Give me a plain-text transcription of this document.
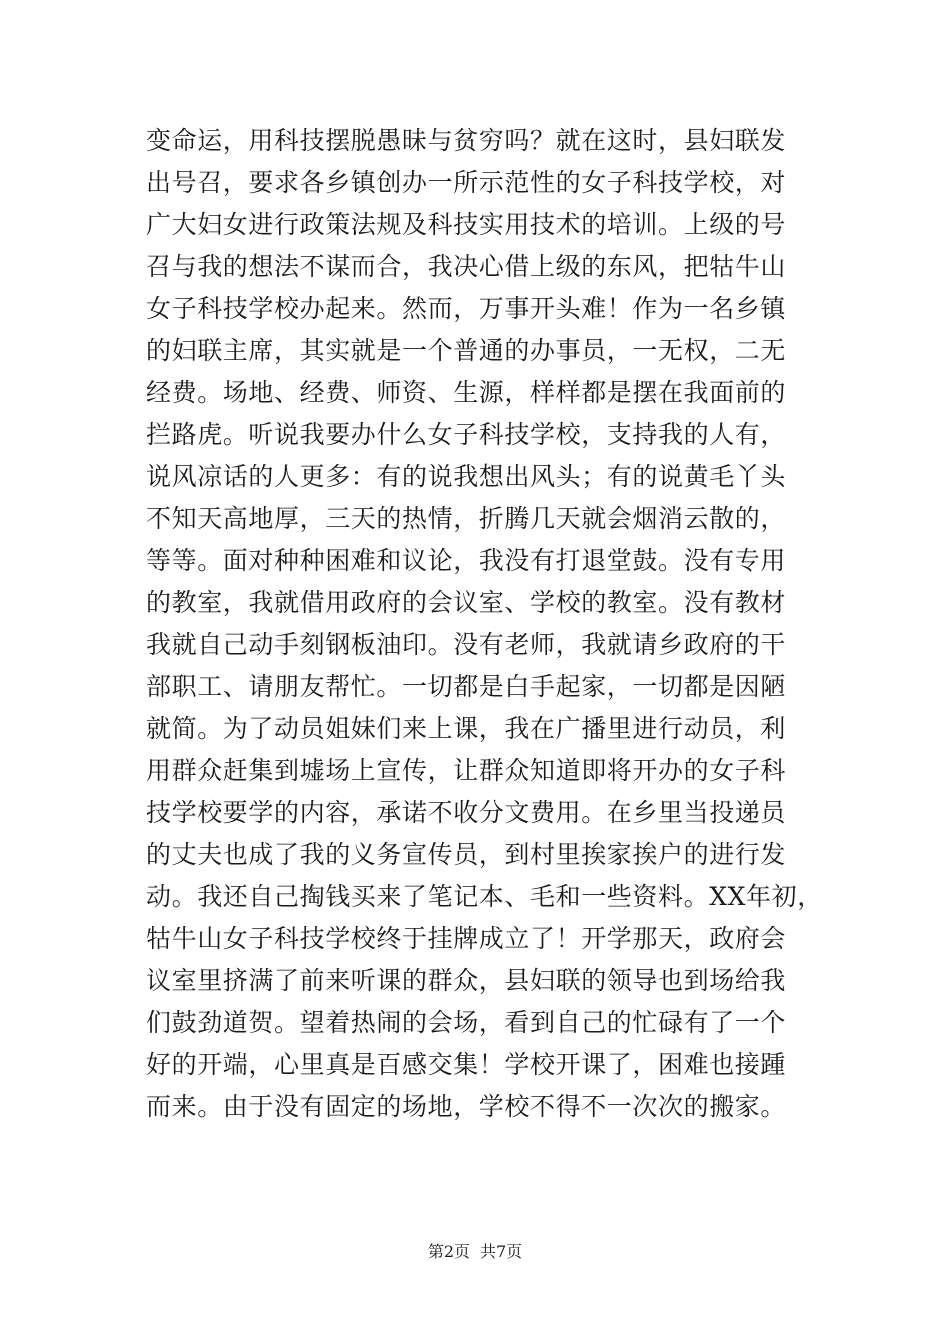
变命运，用科技摆脱愚昧与贫穷吗？就在这时，县妇联发
出号召，要求各乡镇创办一所示范性的女子科技学校，对
广大妇女进行政策法规及科技实用技术的培训。上级的号
召与我的想法不谋而合，我决心借上级的东风，把牯牛山
女子科技学校办起来。然而，万事开头难！作为一名乡镇
的妇联主席，其实就是一个普通的办事员，一无权，二无
经费。场地、经费、师资、生源，样样都是摆在我面前的
拦路虎。听说我要办什么女子科技学校，支持我的人有，
说风凉话的人更多：有的说我想出风头；有的说黄毛丫头
不知天高地厚，三天的热情，折腾几天就会烟消云散的，
等等。面对种种困难和议论，我没有打退堂鼓。没有专用
的教室，我就借用政府的会议室、学校的教室。没有教材
我就自己动手刻钢板油印。没有老师，我就请乡政府的干
部职工、请朋友帮忙。一切都是白手起家，一切都是因陋
就简。为了动员姐妹们来上课，我在广播里进行动员，利
用群众赶集到墟场上宣传，让群众知道即将开办的女子科
技学校要学的内容，承诺不收分文费用。在乡里当投递员
的丈夫也成了我的义务宣传员，到村里挨家挨户的进行发
动。我还自己掏钱买来了笔记本、毛和一些资料。XX年初，
牯牛山女子科技学校终于挂牌成立了！开学那天，政府会
议室里挤满了前来听课的群众，县妇联的领导也到场给我
们鼓劲道贺。望着热闹的会场，看到自己的忙碌有了一个
好的开端，心里真是百感交集！学校开课了，困难也接踵
而来。由于没有固定的场地，学校不得不一次次的搬家。
第2页 共7页
